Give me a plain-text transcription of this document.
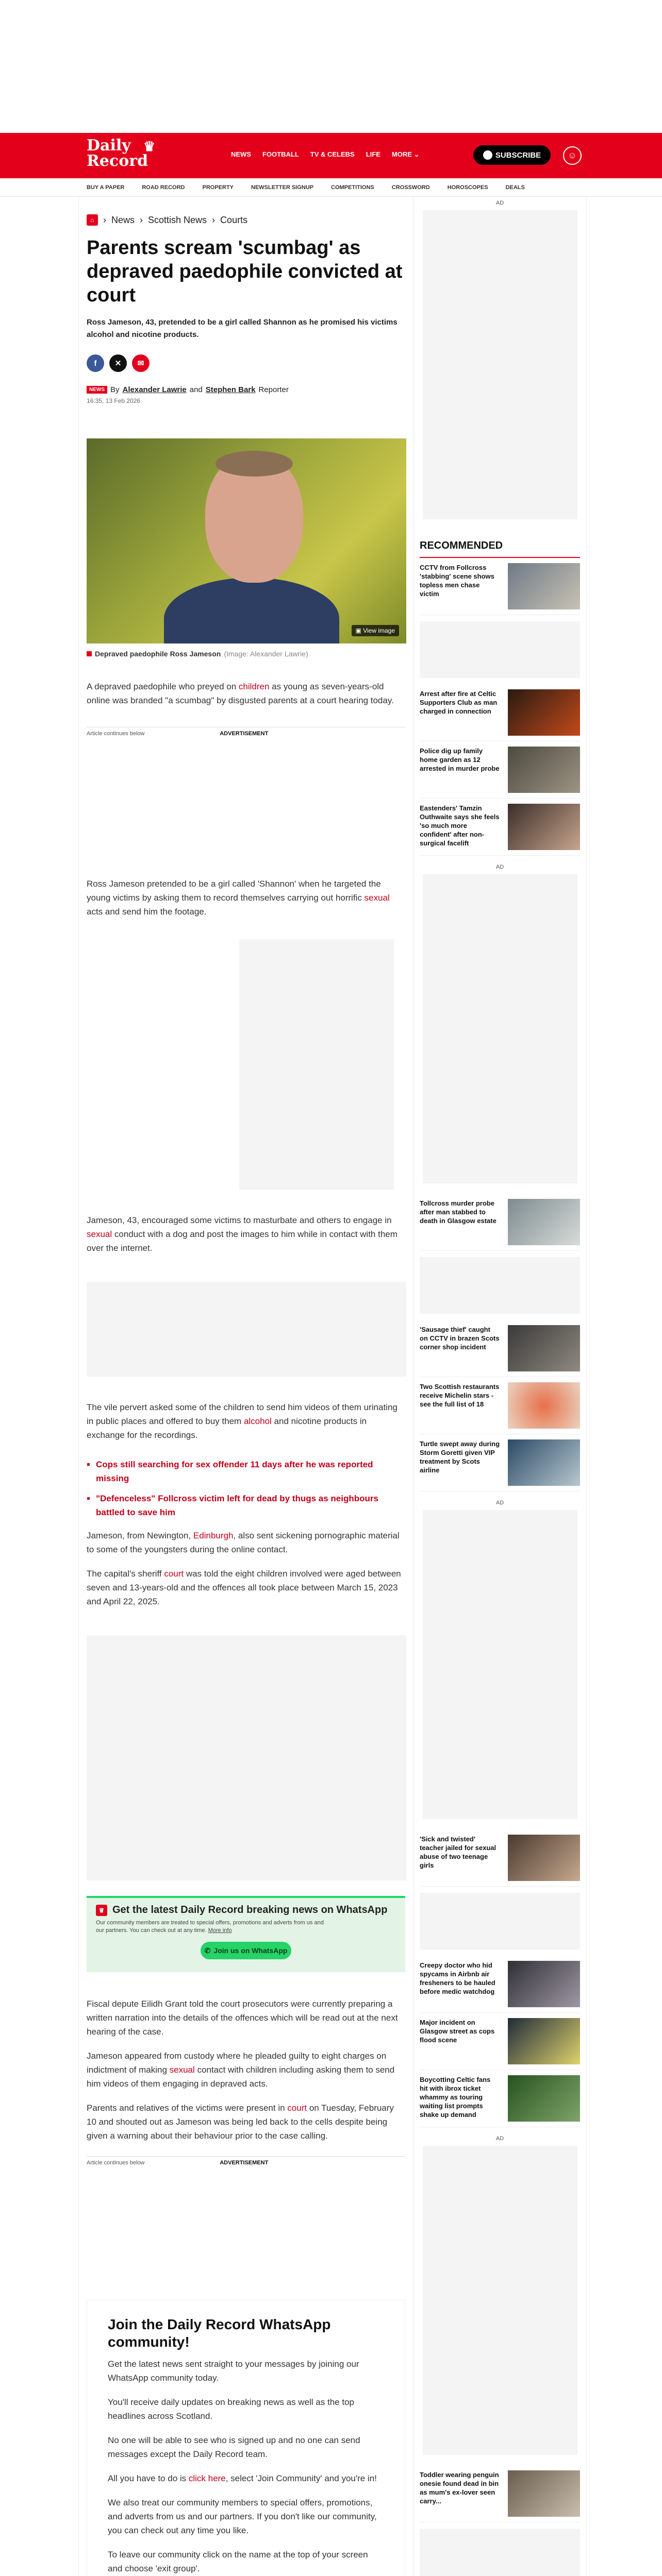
Daily
Record
♛	NEWS FOOTBALL TV & CELEBS LIFE MORE ⌄	SUBSCRIBE	☺
BUY A PAPER	ROAD RECORD	PROPERTY	NEWSLETTER SIGNUP	COMPETITIONS	CROSSWORD	HOROSCOPES	DEALS
⌂ › News › Scottish News › Courts
Parents scream 'scumbag' as depraved paedophile convicted at court

Ross Jameson, 43, pretended to be a girl called Shannon as he promised his victims alcohol and nicotine products.

f	✕	✉
NEWS By Alexander Lawrie and Stephen Bark Reporter
16:35, 13 Feb 2026
▣ View image
Depraved paedophile Ross Jameson (Image: Alexander Lawrie)

A depraved paedophile who preyed on children as young as seven-years-old online was branded "a scumbag" by disgusted parents at a court hearing today.

Article continues below	ADVERTISEMENT

Ross Jameson pretended to be a girl called 'Shannon' when he targeted the young victims by asking them to record themselves carrying out horrific sexual acts and send him the footage.

Jameson, 43, encouraged some victims to masturbate and others to engage in sexual conduct with a dog and post the images to him while in contact with them over the internet.

The vile pervert asked some of the children to send him videos of them urinating in public places and offered to buy them alcohol and nicotine products in exchange for the recordings.

▪ Cops still searching for sex offender 11 days after he was reported missing
▪ "Defenceless" Follcross victim left for dead by thugs as neighbours battled to save him

Jameson, from Newington, Edinburgh, also sent sickening pornographic material to some of the youngsters during the online contact.

The capital's sheriff court was told the eight children involved were aged between seven and 13-years-old and the offences all took place between March 15, 2023 and April 22, 2025.

♛ Get the latest Daily Record breaking news on WhatsApp
Our community members are treated to special offers, promotions and adverts from us and our partners. You can check out at any time. More info
✆ Join us on WhatsApp

Fiscal depute Eilidh Grant told the court prosecutors were currently preparing a written narration into the details of the offences which will be read out at the next hearing of the case.

Jameson appeared from custody where he pleaded guilty to eight charges on indictment of making sexual contact with children including asking them to send him videos of them engaging in depraved acts.

Parents and relatives of the victims were present in court on Tuesday, February 10 and shouted out as Jameson was being led back to the cells despite being given a warning about their behaviour prior to the case calling.

Article continues below	ADVERTISEMENT
Join the Daily Record WhatsApp community!

Get the latest news sent straight to your messages by joining our WhatsApp community today.

You'll receive daily updates on breaking news as well as the top headlines across Scotland.

No one will be able to see who is signed up and no one can send messages except the Daily Record team.

All you have to do is click here, select 'Join Community' and you're in!

We also treat our community members to special offers, promotions, and adverts from us and our partners. If you don't like our community, you can check out any time you like.

To leave our community click on the name at the top of your screen and choose 'exit group'.

AD
RECOMMENDED
CCTV from Follcross 'stabbing' scene shows topless men chase victim
Arrest after fire at Celtic Supporters Club as man charged in connection
Police dig up family home garden as 12 arrested in murder probe
Eastenders' Tamzin Outhwaite says she feels 'so much more confident' after non-surgical facelift
AD
Tollcross murder probe after man stabbed to death in Glasgow estate
'Sausage thief' caught on CCTV in brazen Scots corner shop incident
Two Scottish restaurants receive Michelin stars - see the full list of 18
Turtle swept away during Storm Goretti given VIP treatment by Scots airline
AD
'Sick and twisted' teacher jailed for sexual abuse of two teenage girls
Creepy doctor who hid spycams in Airbnb air fresheners to be hauled before medic watchdog
Major incident on Glasgow street as cops flood scene
Boycotting Celtic fans hit with ibrox ticket whammy as touring waiting list prompts shake up demand
AD
Toddler wearing penguin onesie found dead in bin as mum's ex-lover seen carry...
